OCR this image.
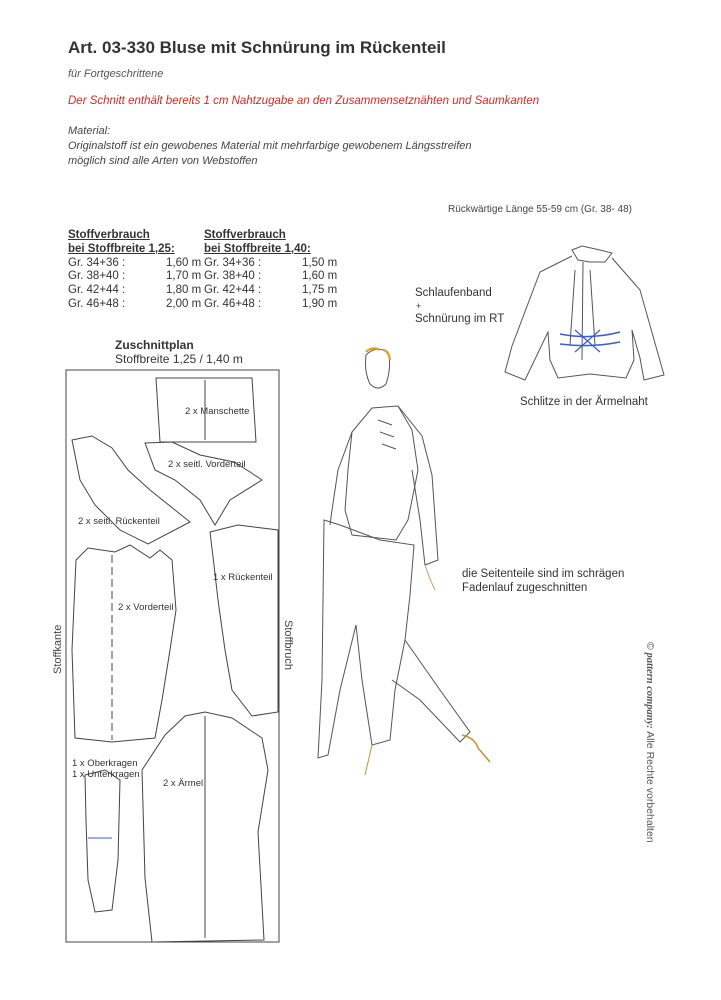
Art. 03-330 Bluse mit Schnürung im Rückenteil
für Fortgeschrittene
Der Schnitt enthält bereits 1 cm Nahtzugabe an den Zusammensetznähten und Saumkanten
Material:
Originalstoff ist ein gewobenes Material mit mehrfarbige gewobenem Längsstreifen
möglich sind alle Arten von Webstoffen
Rückwärtige Länge 55-59 cm (Gr. 38- 48)
Stoffverbrauch
bei Stoffbreite 1,25:
Gr. 34+36 :	1,60 m
Gr. 38+40 :	1,70 m
Gr. 42+44 :	1,80 m
Gr. 46+48 :	2,00 m
Stoffverbrauch
bei Stoffbreite 1,40:
Gr. 34+36 :	1,50 m
Gr. 38+40 :	1,60 m
Gr. 42+44 :	1,75 m
Gr. 46+48 :	1,90 m
Zuschnittplan
Stoffbreite 1,25 / 1,40 m
2 x Manschette
2 x seitl. Vorderteil
2 x seitl. Rückenteil
1 x Rückenteil
2 x Vorderteil
1 x Oberkragen
1 x Unterkragen
2 x Ärmel
Stoffkante	Stoffbruch
Schlaufenband
+
Schnürung im RT
Schlitze in der Ärmelnaht
die Seitenteile sind im schrägen
Fadenlauf zugeschnitten
© pattern company: Alle Rechte vorbehalten
